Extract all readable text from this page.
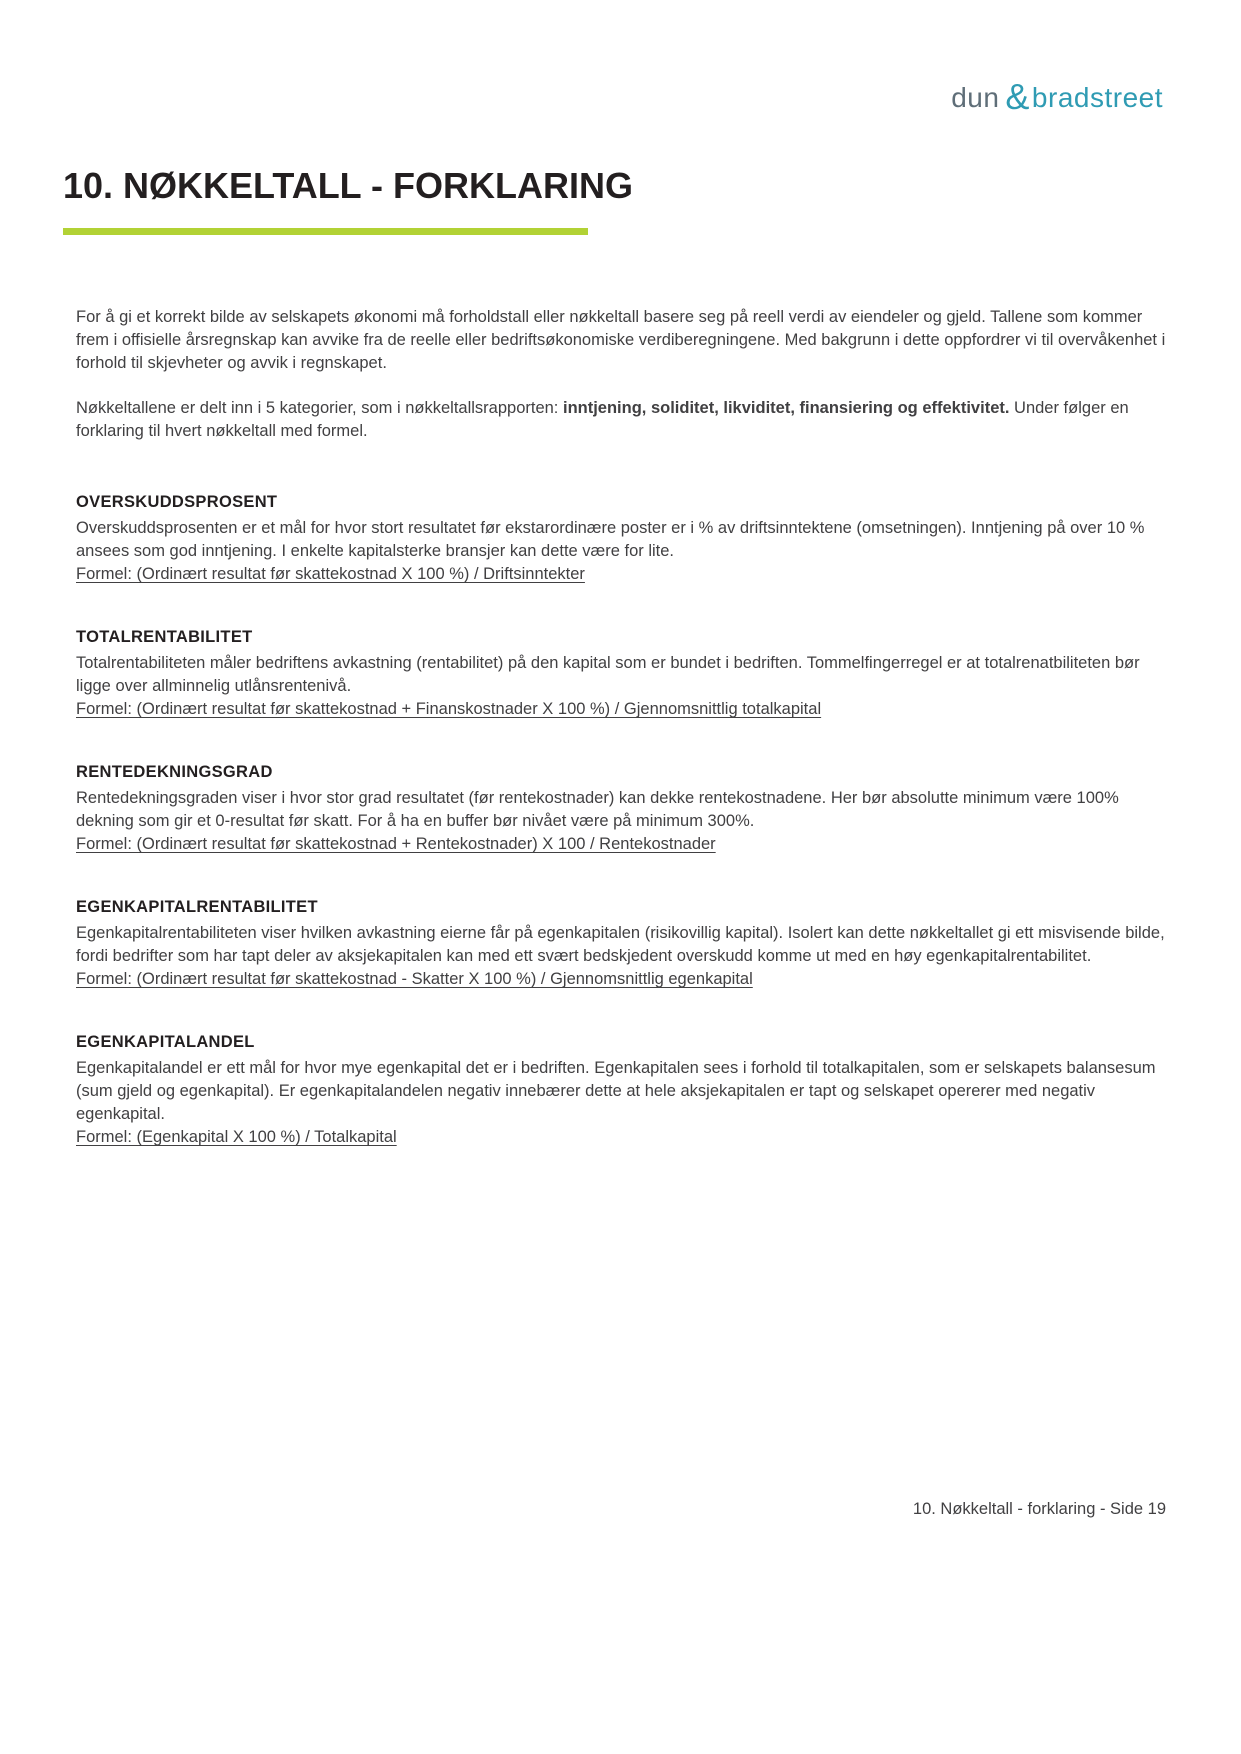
dun &bradstreet
10. NØKKELTALL - FORKLARING

For å gi et korrekt bilde av selskapets økonomi må forholdstall eller nøkkeltall basere seg på reell verdi av eiendeler og gjeld. Tallene som kommer frem i offisielle årsregnskap kan avvike fra de reelle eller bedriftsøkonomiske verdiberegningene. Med bakgrunn i dette oppfordrer vi til overvåkenhet i forhold til skjevheter og avvik i regnskapet.

Nøkkeltallene er delt inn i 5 kategorier, som i nøkkeltallsrapporten: inntjening, soliditet, likviditet, finansiering og effektivitet. Under følger en forklaring til hvert nøkkeltall med formel.

OVERSKUDDSPROSENT
Overskuddsprosenten er et mål for hvor stort resultatet før ekstarordinære poster er i % av driftsinntektene (omsetningen). Inntjening på over 10 % ansees som god inntjening. I enkelte kapitalsterke bransjer kan dette være for lite.
Formel: (Ordinært resultat før skattekostnad X 100 %) / Driftsinntekter
TOTALRENTABILITET
Totalrentabiliteten måler bedriftens avkastning (rentabilitet) på den kapital som er bundet i bedriften. Tommelfingerregel er at totalrenatbiliteten bør ligge over allminnelig utlånsrentenivå.
Formel: (Ordinært resultat før skattekostnad + Finanskostnader X 100 %) / Gjennomsnittlig totalkapital
RENTEDEKNINGSGRAD
Rentedekningsgraden viser i hvor stor grad resultatet (før rentekostnader) kan dekke rentekostnadene. Her bør absolutte minimum være 100% dekning som gir et 0-resultat før skatt. For å ha en buffer bør nivået være på minimum 300%.
Formel: (Ordinært resultat før skattekostnad + Rentekostnader) X 100 / Rentekostnader
EGENKAPITALRENTABILITET
Egenkapitalrentabiliteten viser hvilken avkastning eierne får på egenkapitalen (risikovillig kapital). Isolert kan dette nøkkeltallet gi ett misvisende bilde, fordi bedrifter som har tapt deler av aksjekapitalen kan med ett svært bedskjedent overskudd komme ut med en høy egenkapitalrentabilitet.
Formel: (Ordinært resultat før skattekostnad - Skatter X 100 %) / Gjennomsnittlig egenkapital
EGENKAPITALANDEL
Egenkapitalandel er ett mål for hvor mye egenkapital det er i bedriften. Egenkapitalen sees i forhold til totalkapitalen, som er selskapets balansesum (sum gjeld og egenkapital). Er egenkapitalandelen negativ innebærer dette at hele aksjekapitalen er tapt og selskapet opererer med negativ egenkapital.
Formel: (Egenkapital X 100 %) / Totalkapital
10. Nøkkeltall - forklaring - Side 19
